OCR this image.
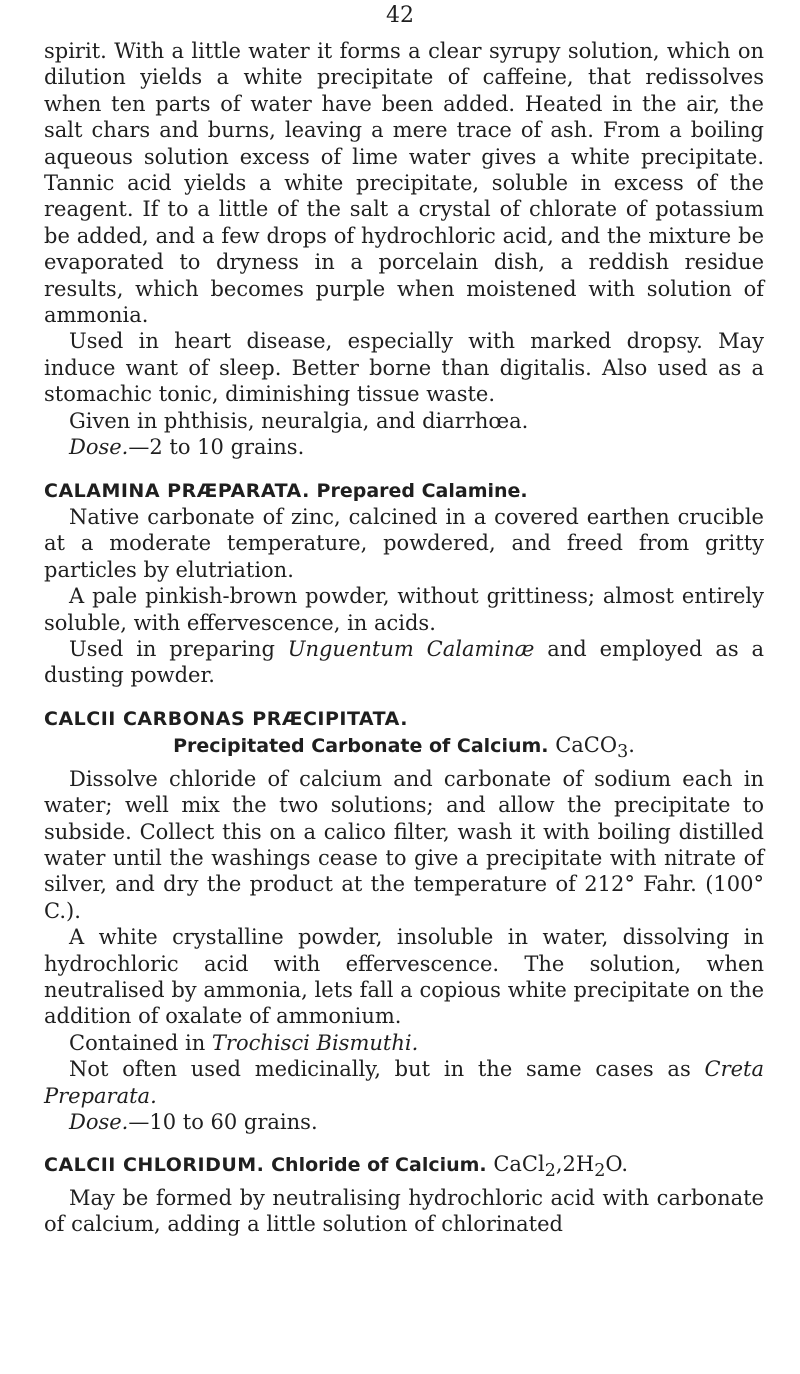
42

spirit. With a little water it forms a clear syrupy solution, which on dilution yields a white precipitate of caffeine, that redissolves when ten parts of water have been added. Heated in the air, the salt chars and burns, leaving a mere trace of ash. From a boiling aqueous solution excess of lime water gives a white precipitate. Tannic acid yields a white precipitate, soluble in excess of the reagent. If to a little of the salt a crystal of chlorate of potassium be added, and a few drops of hydrochloric acid, and the mixture be evaporated to dryness in a porcelain dish, a reddish residue results, which becomes purple when moistened with solution of ammonia.

Used in heart disease, especially with marked dropsy. May induce want of sleep. Better borne than digitalis. Also used as a stomachic tonic, diminishing tissue waste.

Given in phthisis, neuralgia, and diarrhœa.

Dose.—2 to 10 grains.

CALAMINA PRÆPARATA. Prepared Calamine.

Native carbonate of zinc, calcined in a covered earthen crucible at a moderate temperature, powdered, and freed from gritty particles by elutriation.

A pale pinkish-brown powder, without grittiness; almost entirely soluble, with effervescence, in acids.

Used in preparing Unguentum Calaminæ and employed as a dusting powder.

CALCII CARBONAS PRÆCIPITATA.

Precipitated Carbonate of Calcium. CaCO$_3$.

Dissolve chloride of calcium and carbonate of sodium each in water; well mix the two solutions; and allow the precipitate to subside. Collect this on a calico filter, wash it with boiling distilled water until the washings cease to give a precipitate with nitrate of silver, and dry the product at the temperature of 212° Fahr. (100° C.).

A white crystalline powder, insoluble in water, dissolving in hydrochloric acid with effervescence. The solution, when neutralised by ammonia, lets fall a copious white precipitate on the addition of oxalate of ammonium.

Contained in Trochisci Bismuthi.

Not often used medicinally, but in the same cases as Creta Preparata.

Dose.—10 to 60 grains.

CALCII CHLORIDUM. Chloride of Calcium. $CaCl_2,2H_2O$.

May be formed by neutralising hydrochloric acid with carbonate of calcium, adding a little solution of chlorinated
